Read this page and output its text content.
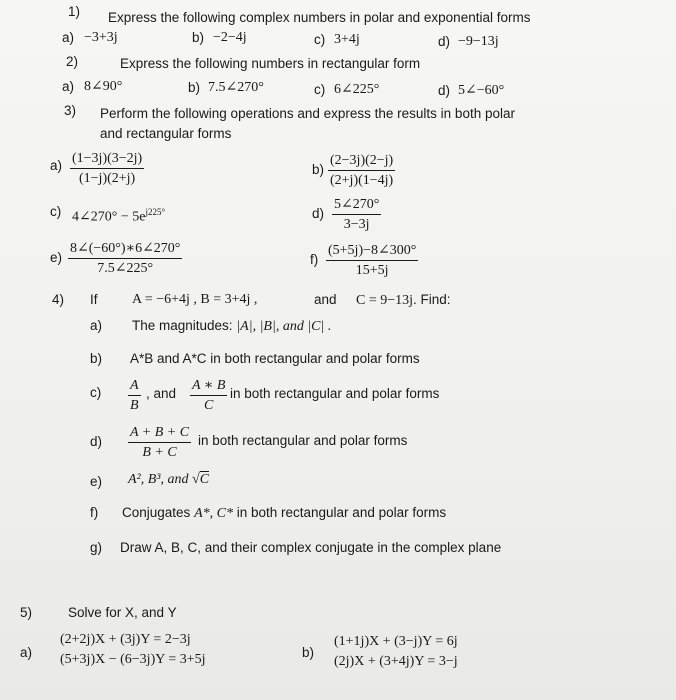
1) Express the following complex numbers in polar and exponential forms
a) −3+3j	b) −2−4j	c) 3+4j	d) −9−13j
2)	Express the following numbers in rectangular form
a) 8∠90°	b) 7.5∠270°	c) 6∠225°	d) 5∠−60°
3) Perform the following operations and express the results in both polar
and rectangular forms
$a) \frac{(1-3j)(3-2j)}{(1-j)(2+j)}$	$b) \frac{(2-3j)(2-j)}{(2+j)(1-4j)}$
c) 4∠270° − $5e^{j225^\circ}$	$d) \frac{5\angle 270^\circ}{3-3j}$
$e) \frac{8\angle(-60^\circ)∗6\angle 270^\circ}{7.5\angle 225^\circ}$	$f) \frac{(5+5j)-8\angle 300^\circ}{15+5j}$
4) If A = −6+4j , B = 3+4j ,	and C = 9−13j. Find:
a) The magnitudes: |A|, |B|, and |C| .
b) A*B and A*C in both rectangular and polar forms
$c) \frac{A}{B}$ , and $\frac{A ∗ B}{C}$ in both rectangular and polar forms
$d) \frac{A + B + C}{B + C}$ in both rectangular and polar forms
e) A², B³, and √C
f) Conjugates A*, C* in both rectangular and polar forms
g) Draw A, B, C, and their complex conjugate in the complex plane
5)	Solve for X, and Y
a)
(2+2j)X + (3j)Y = 2−3j
(5+3j)X − (6−3j)Y = 3+5j	b)
(1+1j)X + (3−j)Y = 6j
(2j)X + (3+4j)Y = 3−j
